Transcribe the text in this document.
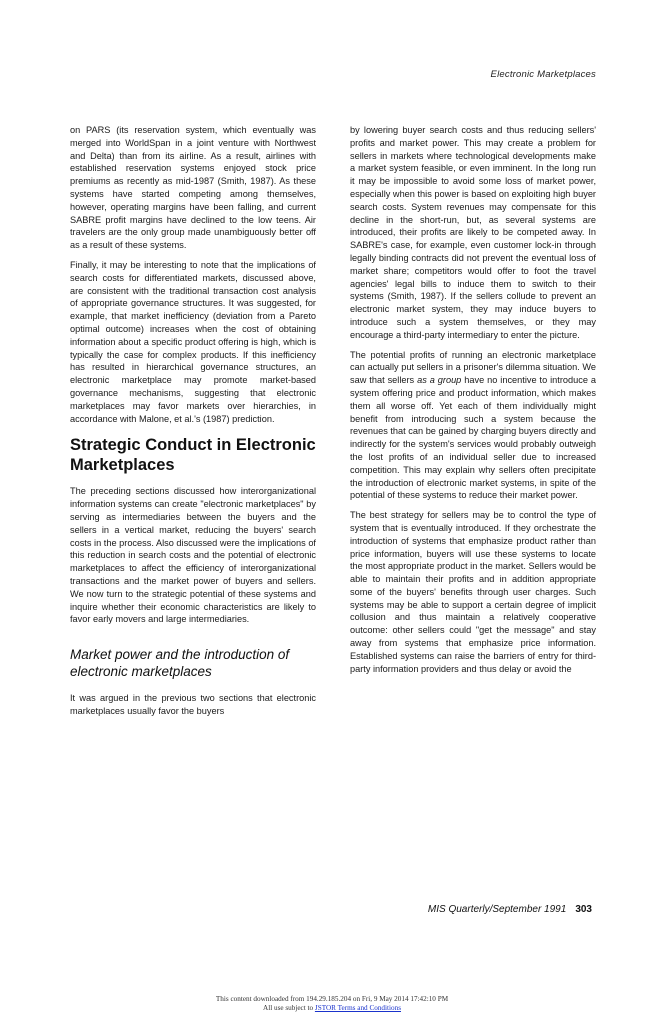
Electronic Marketplaces

on PARS (its reservation system, which eventually was merged into WorldSpan in a joint venture with Northwest and Delta) than from its airline. As a result, airlines with established reservation systems enjoyed stock price premiums as recently as mid-1987 (Smith, 1987). As these systems have started competing among themselves, however, operating margins have been falling, and current SABRE profit margins have declined to the low teens. Air travelers are the only group made unambiguously better off as a result of these systems.

Finally, it may be interesting to note that the implications of search costs for differentiated markets, discussed above, are consistent with the traditional transaction cost analysis of appropriate governance structures. It was suggested, for example, that market inefficiency (deviation from a Pareto optimal outcome) increases when the cost of obtaining information about a specific product offering is high, which is typically the case for complex products. If this inefficiency has resulted in hierarchical governance structures, an electronic marketplace may promote market-based governance mechanisms, suggesting that electronic marketplaces may favor markets over hierarchies, in accordance with Malone, et al.'s (1987) prediction.

Strategic Conduct in Electronic Marketplaces

The preceding sections discussed how interorganizational information systems can create "electronic marketplaces" by serving as intermediaries between the buyers and the sellers in a vertical market, reducing the buyers' search costs in the process. Also discussed were the implications of this reduction in search costs and the potential of electronic marketplaces to affect the efficiency of interorganizational transactions and the market power of buyers and sellers. We now turn to the strategic potential of these systems and inquire whether their economic characteristics are likely to favor early movers and large intermediaries.

Market power and the introduction of electronic marketplaces

It was argued in the previous two sections that electronic marketplaces usually favor the buyers

by lowering buyer search costs and thus reducing sellers' profits and market power. This may create a problem for sellers in markets where technological developments make a market system feasible, or even imminent. In the long run it may be impossible to avoid some loss of market power, especially when this power is based on exploiting high buyer search costs. System revenues may compensate for this decline in the short-run, but, as several systems are introduced, their profits are likely to be competed away. In SABRE's case, for example, even customer lock-in through legally binding contracts did not prevent the eventual loss of market share; competitors would offer to foot the travel agencies' legal bills to induce them to switch to their systems (Smith, 1987). If the sellers collude to prevent an electronic market system, they may induce buyers to introduce such a system themselves, or they may encourage a third-party intermediary to enter the picture.

The potential profits of running an electronic marketplace can actually put sellers in a prisoner's dilemma situation. We saw that sellers as a group have no incentive to introduce a system offering price and product information, which makes them all worse off. Yet each of them individually might benefit from introducing such a system because the revenues that can be gained by charging buyers directly and indirectly for the system's services would probably outweigh the lost profits of an individual seller due to increased competition. This may explain why sellers often precipitate the introduction of electronic market systems, in spite of the potential of these systems to reduce their market power.

The best strategy for sellers may be to control the type of system that is eventually introduced. If they orchestrate the introduction of systems that emphasize product rather than price information, buyers will use these systems to locate the most appropriate product in the market. Sellers would be able to maintain their profits and in addition appropriate some of the buyers' benefits through user charges. Such systems may be able to support a certain degree of implicit collusion and thus maintain a relatively cooperative outcome: other sellers could "get the message" and stay away from systems that emphasize price information. Established systems can raise the barriers of entry for third-party information providers and thus delay or avoid the

MIS Quarterly/September 1991 303
This content downloaded from 194.29.185.204 on Fri, 9 May 2014 17:42:10 PM
All use subject to JSTOR Terms and Conditions
